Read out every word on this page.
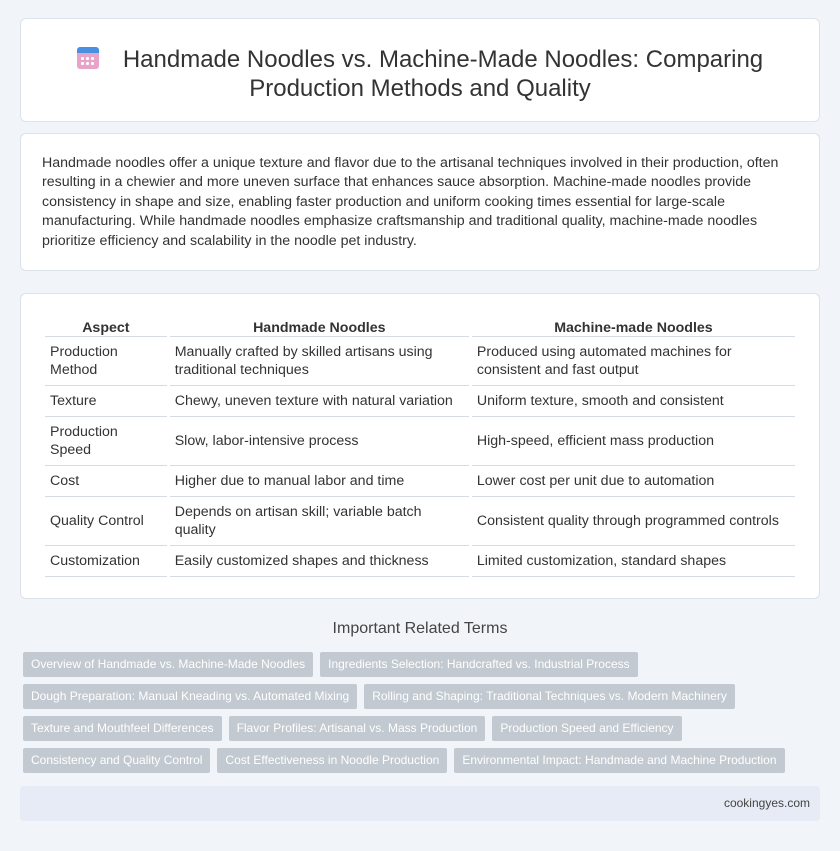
Handmade Noodles vs. Machine-Made Noodles: Comparing Production Methods and Quality

Handmade noodles offer a unique texture and flavor due to the artisanal techniques involved in their production, often resulting in a chewier and more uneven surface that enhances sauce absorption. Machine-made noodles provide consistency in shape and size, enabling faster production and uniform cooking times essential for large-scale manufacturing. While handmade noodles emphasize craftsmanship and traditional quality, machine-made noodles prioritize efficiency and scalability in the noodle pet industry.

Aspect	Handmade Noodles	Machine-made Noodles
Production Method	Manually crafted by skilled artisans using traditional techniques	Produced using automated machines for consistent and fast output
Texture	Chewy, uneven texture with natural variation	Uniform texture, smooth and consistent
Production Speed	Slow, labor-intensive process	High-speed, efficient mass production
Cost	Higher due to manual labor and time	Lower cost per unit due to automation
Quality Control	Depends on artisan skill; variable batch quality	Consistent quality through programmed controls
Customization	Easily customized shapes and thickness	Limited customization, standard shapes
Important Related Terms
Overview of Handmade vs. Machine-Made Noodles	Ingredients Selection: Handcrafted vs. Industrial Process
Dough Preparation: Manual Kneading vs. Automated Mixing	Rolling and Shaping: Traditional Techniques vs. Modern Machinery
Texture and Mouthfeel Differences	Flavor Profiles: Artisanal vs. Mass Production	Production Speed and Efficiency
Consistency and Quality Control	Cost Effectiveness in Noodle Production	Environmental Impact: Handmade and Machine Production
cookingyes.com
